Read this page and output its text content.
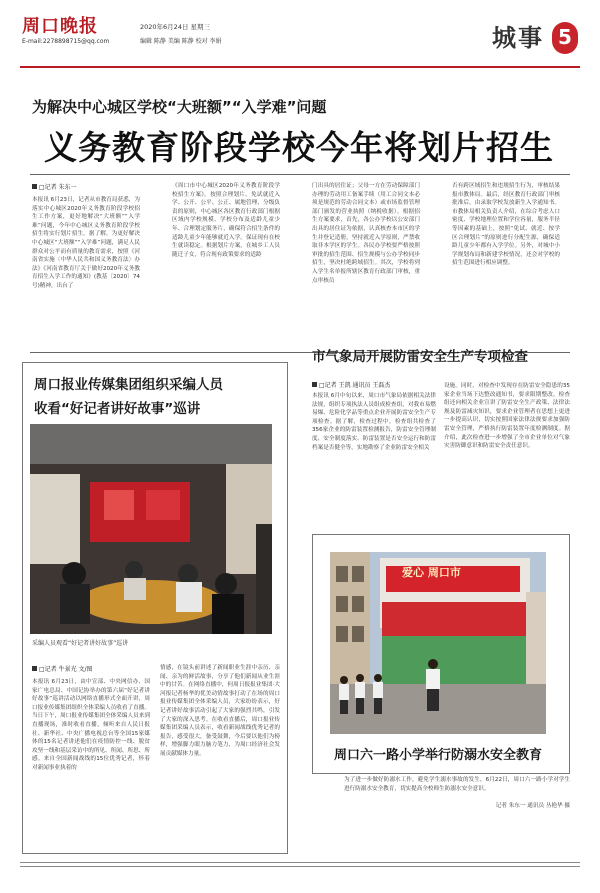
周口晚报
E-mail:2278898715@qq.com
2020年6月24日 星期三
编辑 陈静 美编 陈静 校对 李娟	城事 5
为解决中心城区学校“大班额”“入学难”问题
义务教育阶段学校今年将划片招生
□记者 朱东一
本报讯 6月23日，记者从市教育局获悉，为落实中心城区2020年义务教育阶段学校招生工作方案，更好地解决“大班额”“入学难”问题，今年中心城区义务教育阶段学校招生将实行划片招生。据了解，为更好解决中心城区“大班额”“入学难”问题，满足人民群众对公平而有质量的教育需求，按照《河南省实施〈中华人民共和国义务教育法〉办法》《河南省教育厅关于做好2020年义务教育招生入学工作的通知》(教基〔2020〕74号)精神，出台了
《周口市中心城区2020年义务教育阶段学校招生方案》。按照合理划片、免试就近入学、公开、公平、公正、属地管理、分级负责的原则，中心城区各区教育行政部门根据区域内学校规模、学校分布及适龄儿童少年、合理划定服务片，确保符合招生条件的适龄儿童少年能够就近入学。保证现有在校生就读稳定。根据划片方案，在城乡工人员随迁子女，符合现有政策要求的适龄
门出具的居住证；父母一方在劳动保障部门办理的劳动用工备案手续（用工合同文本必须是规范的劳动合同文本）或市场监督管理部门颁发的营业执照（纳税收据）。根据招生方案要求，首先，各公办学校以公安部门出具的居住证为依据，认真核查本市区的学生并登记造册，坚持就近入学原则，严禁收取非本学区的学生。各民办学校要严格按照审批的招生范围、招生规模与公办学校同步招生，坚决杜绝跨域招生。其次，学校将列入学生名单报所辖区教育行政部门审核，重点审核员
否有跨区域招生和违规招生行为，审核结果报市教体局。最后，经区教育行政部门审核批准后，由录取学校发放新生入学通知书。市教体局相关负责人介绍，在综合考虑人口密度、学校地理位置和学位容量，服务半径等因素的基础上，按照“免试、就近、按学区合理划片”的原则进行分配生源，确保适龄儿童少年都有入学学位。另外，对城中小学规划布局和新建学校情况，还会对学校的招生范围进行相应调整。
市气象局开展防雷安全生产专项检查
□记者 王凯 通讯员 王磊杰
本报讯 6月中旬以来，周口市气象局依据相关法律法规，组织专项执法人员组成检查组，对我市易燃易爆、危险化学品等重点企业开展防雷安全生产专项检查。据了解，检查过程中，检查组共检查了356家企业的防雷装置检测报告，防雷安全管理制度、安全制度落实、防雷装置是否安全运行和防雷档案是否健全等，实地勘察了企业防雷安全相关
设施。同时，对检查中发现存在防雷安全隐患的35家企业当场下达整改通知书，要求限期整改。检查组还向相关企业宣讲了防雷安全生产政策、法律法规及防雷减灾知识，要求企业管理者在思想上更进一步提高认识，切实按照国家法律法规要求加强防雷安全管理，严格执行防雷装置年度检测制度。据介绍，此次检查进一步增强了全市企业单位对气象灾害防御意识和防雷安全责任意识。
周口报业传媒集团组织采编人员
收看“好记者讲好故事”巡讲
采编人员观看“好记者讲好故事”巡讲
□记者 牛景光 文/图
本报讯 6月23日，由中宣部、中央网信办、国家广电总局、中国记协举办的第六届“好记者讲好故事”巡讲活动以网络直播形式全面开讲，周口报业传媒集团组织全体采编人员收看了直播。当日下午，周口报业传媒集团全体采编人员来到直播现场，准时收看直播，倾听来自人民日报社、新华社、中央广播电视总台等全国15家媒体的15名记者讲述他们在疫情防控一线、脱贫攻坚一线和基层采访中的所见、所闻、所思、所感。来自全国新闻战线的15位优秀记者，怀着对新闻事业执着的
情感，在镜头前讲述了新闻职业生涯中亲历、亲闻、亲为的鲜活故事，分享了他们新闻从业生涯中的甘苦。在网络直播中，何周日报报业集团·大河报记者杨华的优美动情故事打动了在场的周口报业传媒集团全体采编人员，大家纷纷表示，好记者讲好故事活动引起了大家的强烈共鸣，引发了大家的深入思考。在收看直播后，周口报业传媒集团采编人员表示，收看新闻战线优秀记者的报告，感受很大，备受鼓舞，今后要以他们为榜样，增强脚力眼力脑力笔力，为周口经济社会发展贡献媒体力量。
爱心 周口市
周口六一路小学举行防溺水安全教育
为了进一步做好防溺水工作，避免学生溺水事故的发生，6月22日，周口六一路小学对学生进行防溺水安全教育，切实提高全校师生防溺水安全意识。
记者 朱东一 通讯员 丛艳华 摄
